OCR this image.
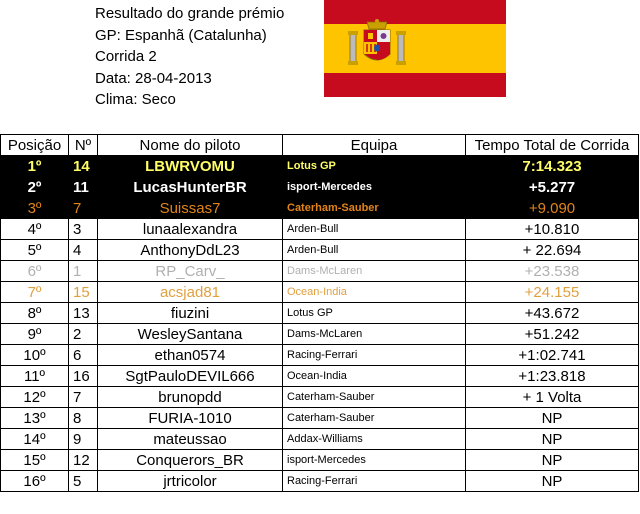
Resultado do grande prémio
GP: Espanhã (Catalunha)
Corrida 2
Data: 28-04-2013
Clima: Seco
Posição	Nº	Nome do piloto	Equipa	Tempo Total de Corrida
1º	14	LBWRVOMU	Lotus GP	7:14.323
2º	11	LucasHunterBR	isport-Mercedes	+5.277
3º	7	Suissas7	Caterham-Sauber	+9.090
4º	3	lunaalexandra	Arden-Bull	+10.810
5º	4	AnthonyDdL23	Arden-Bull	+ 22.694
6º	1	RP_Carv_	Dams-McLaren	+23.538
7º	15	acsjad81	Ocean-India	+24.155
8º	13	fiuzini	Lotus GP	+43.672
9º	2	WesleySantana	Dams-McLaren	+51.242
10º	6	ethan0574	Racing-Ferrari	+1:02.741
11º	16	SgtPauloDEVIL666	Ocean-India	+1:23.818
12º	7	brunopdd	Caterham-Sauber	+ 1 Volta
13º	8	FURIA-1010	Caterham-Sauber	NP
14º	9	mateussao	Addax-Williams	NP
15º	12	Conquerors_BR	isport-Mercedes	NP
16º	5	jrtricolor	Racing-Ferrari	NP
